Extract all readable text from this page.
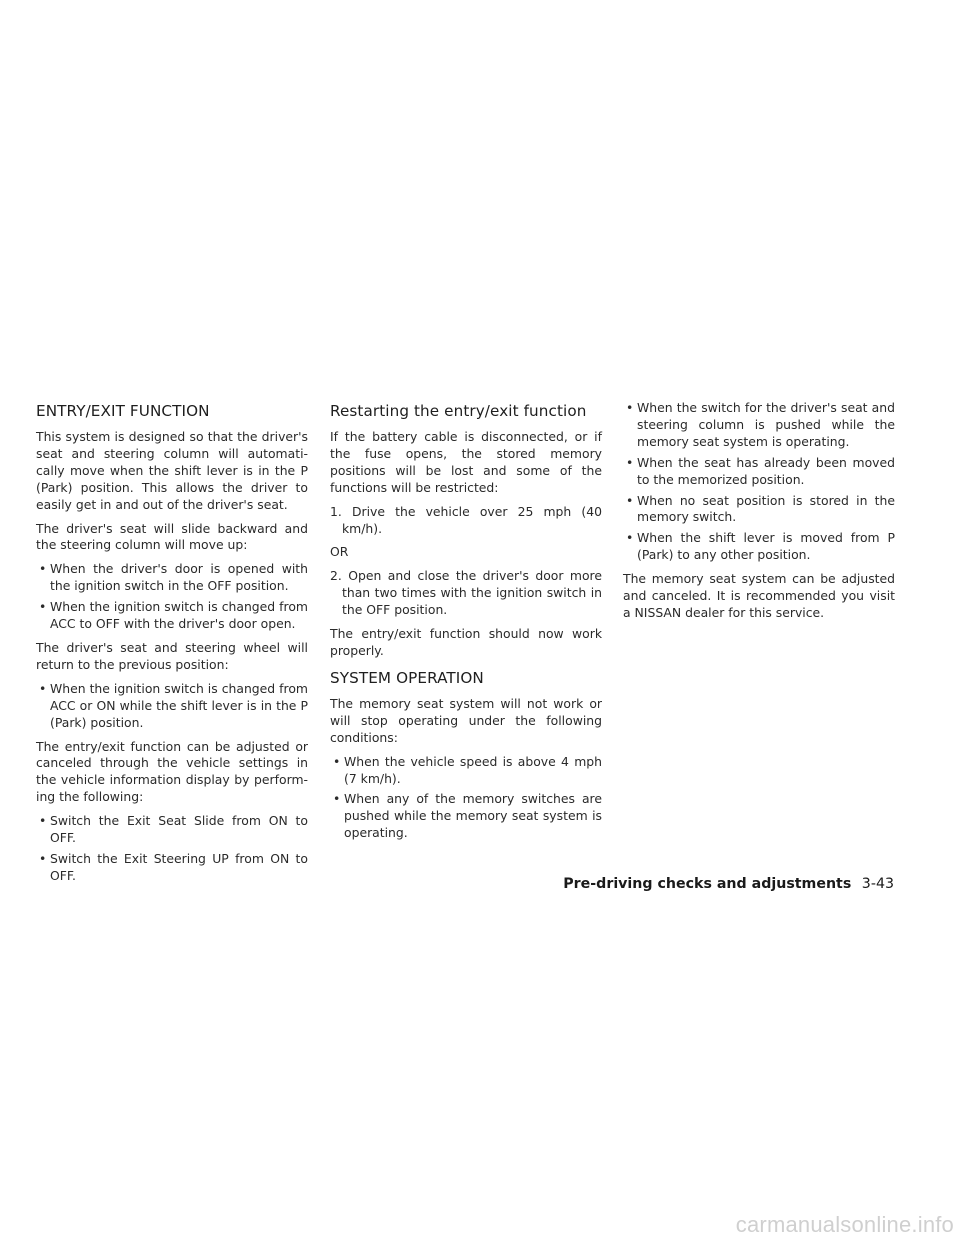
ENTRY/EXIT FUNCTION

This system is designed so that the driver's seat and steering column will automati-cally move when the shift lever is in the P (Park) position. This allows the driver to easily get in and out of the driver's seat.

The driver's seat will slide backward and the steering column will move up:

• When the driver's door is opened with the ignition switch in the OFF position.
• When the ignition switch is changed from ACC to OFF with the driver's door open.

The driver's seat and steering wheel will return to the previous position:

• When the ignition switch is changed from ACC or ON while the shift lever is in the P (Park) position.

The entry/exit function can be adjusted or canceled through the vehicle settings in the vehicle information display by perform-ing the following:

• Switch the Exit Seat Slide from ON to OFF.
• Switch the Exit Steering UP from ON to OFF.
Restarting the entry/exit function

If the battery cable is disconnected, or if the fuse opens, the stored memory positions will be lost and some of the functions will be restricted:

1. Drive the vehicle over 25 mph (40 km/h).

OR

2. Open and close the driver's door more than two times with the ignition switch in the OFF position.

The entry/exit function should now work properly.

SYSTEM OPERATION

The memory seat system will not work or will stop operating under the following conditions:

• When the vehicle speed is above 4 mph (7 km/h).
• When any of the memory switches are pushed while the memory seat system is operating.
• When the switch for the driver's seat and steering column is pushed while the memory seat system is operating.
• When the seat has already been moved to the memorized position.
• When no seat position is stored in the memory switch.
• When the shift lever is moved from P (Park) to any other position.

The memory seat system can be adjusted and canceled. It is recommended you visit a NISSAN dealer for this service.

Pre-driving checks and adjustments 3-43
carmanualsonline.info
